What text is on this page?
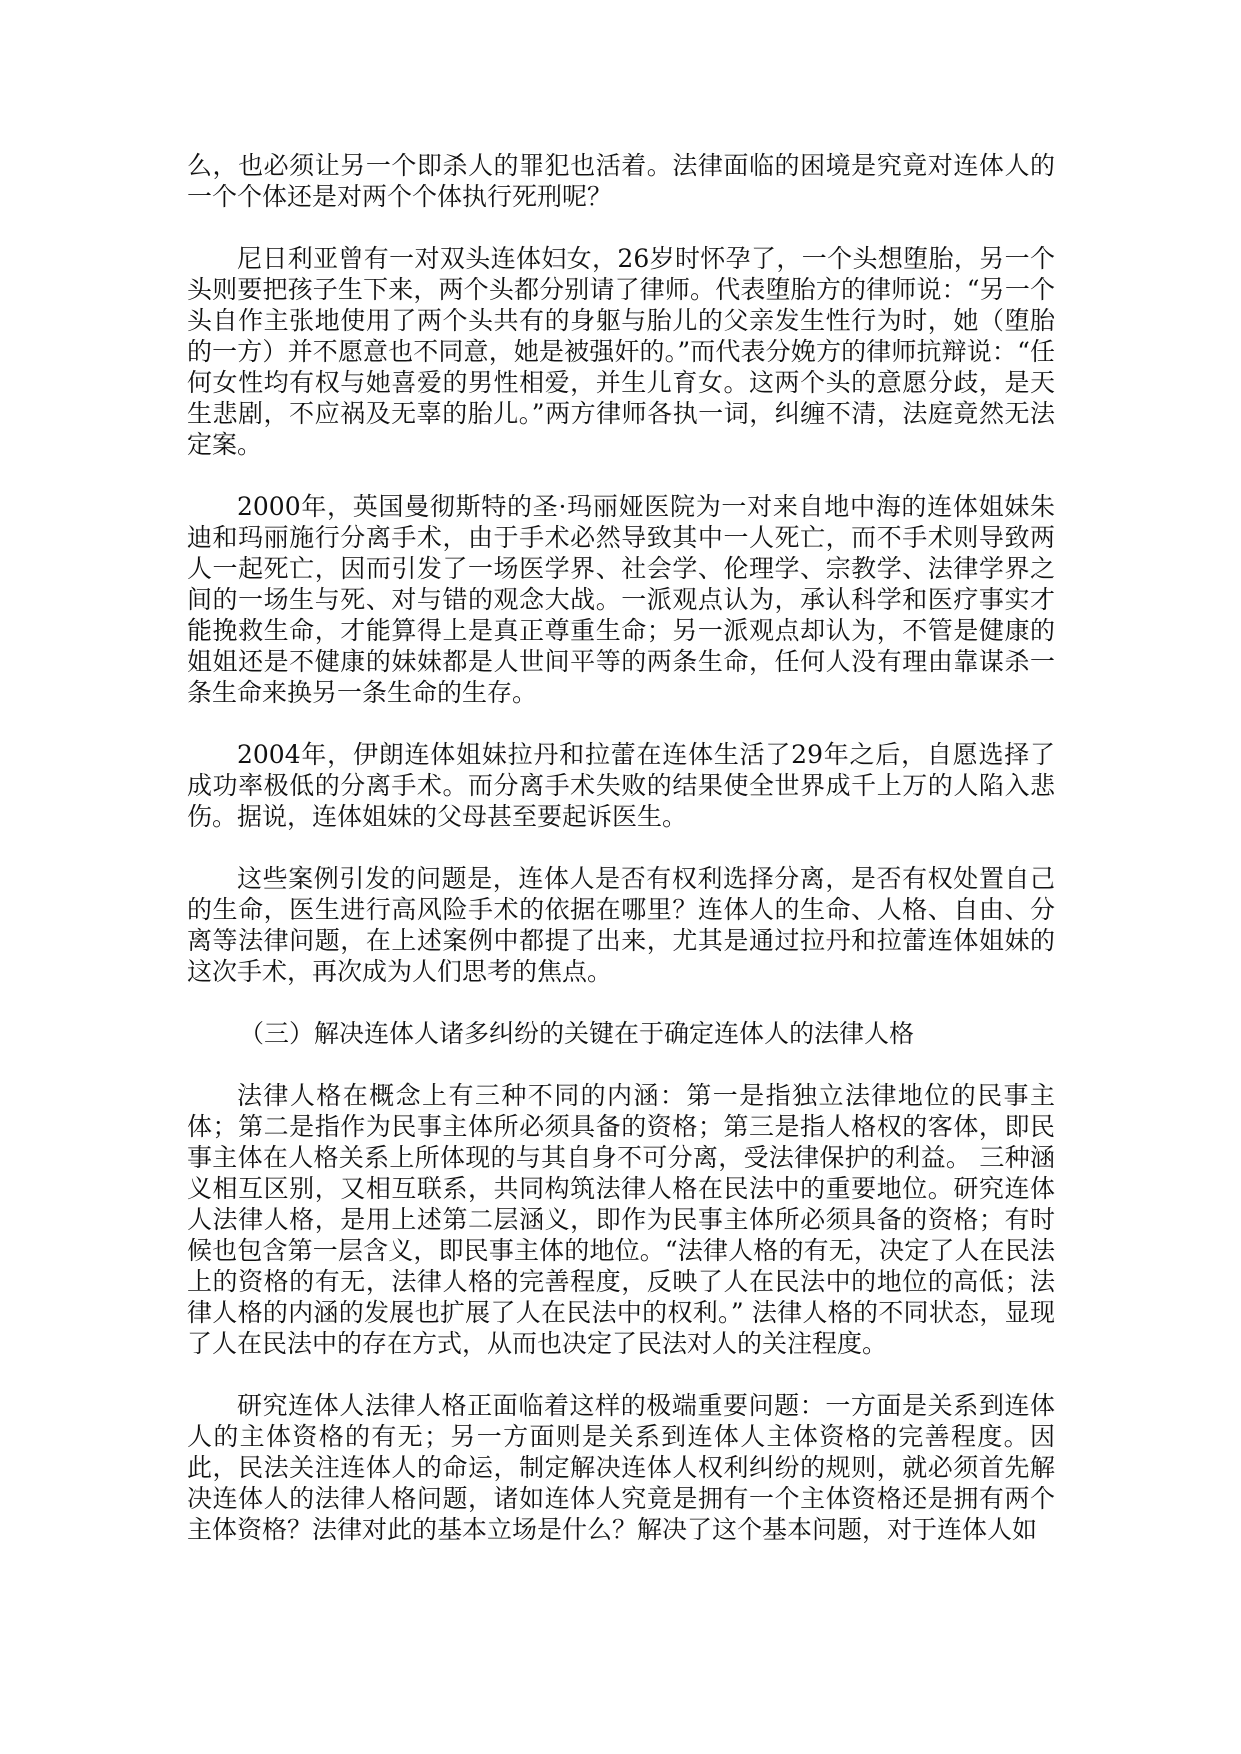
么，也必须让另一个即杀人的罪犯也活着。法律面临的困境是究竟对连体人的一个个体还是对两个个体执行死刑呢？

尼日利亚曾有一对双头连体妇女，26岁时怀孕了，一个头想堕胎，另一个头则要把孩子生下来，两个头都分别请了律师。代表堕胎方的律师说：“另一个头自作主张地使用了两个头共有的身躯与胎儿的父亲发生性行为时，她（堕胎的一方）并不愿意也不同意，她是被强奸的。”而代表分娩方的律师抗辩说：“任何女性均有权与她喜爱的男性相爱，并生儿育女。这两个头的意愿分歧，是天生悲剧，不应祸及无辜的胎儿。”两方律师各执一词，纠缠不清，法庭竟然无法定案。

2000年，英国曼彻斯特的圣·玛丽娅医院为一对来自地中海的连体姐妹朱迪和玛丽施行分离手术，由于手术必然导致其中一人死亡，而不手术则导致两人一起死亡，因而引发了一场医学界、社会学、伦理学、宗教学、法律学界之间的一场生与死、对与错的观念大战。一派观点认为，承认科学和医疗事实才能挽救生命，才能算得上是真正尊重生命；另一派观点却认为，不管是健康的姐姐还是不健康的妹妹都是人世间平等的两条生命，任何人没有理由靠谋杀一条生命来换另一条生命的生存。

2004年，伊朗连体姐妹拉丹和拉蕾在连体生活了29年之后，自愿选择了成功率极低的分离手术。而分离手术失败的结果使全世界成千上万的人陷入悲伤。据说，连体姐妹的父母甚至要起诉医生。

这些案例引发的问题是，连体人是否有权利选择分离，是否有权处置自己的生命，医生进行高风险手术的依据在哪里？连体人的生命、人格、自由、分离等法律问题，在上述案例中都提了出来，尤其是通过拉丹和拉蕾连体姐妹的这次手术，再次成为人们思考的焦点。

（三）解决连体人诸多纠纷的关键在于确定连体人的法律人格

法律人格在概念上有三种不同的内涵：第一是指独立法律地位的民事主体；第二是指作为民事主体所必须具备的资格；第三是指人格权的客体，即民事主体在人格关系上所体现的与其自身不可分离，受法律保护的利益。 三种涵义相互区别，又相互联系，共同构筑法律人格在民法中的重要地位。研究连体人法律人格，是用上述第二层涵义，即作为民事主体所必须具备的资格；有时候也包含第一层含义，即民事主体的地位。“法律人格的有无，决定了人在民法上的资格的有无，法律人格的完善程度，反映了人在民法中的地位的高低；法律人格的内涵的发展也扩展了人在民法中的权利。” 法律人格的不同状态，显现了人在民法中的存在方式，从而也决定了民法对人的关注程度。

研究连体人法律人格正面临着这样的极端重要问题：一方面是关系到连体人的主体资格的有无；另一方面则是关系到连体人主体资格的完善程度。因此，民法关注连体人的命运，制定解决连体人权利纠纷的规则，就必须首先解决连体人的法律人格问题，诸如连体人究竟是拥有一个主体资格还是拥有两个主体资格？法律对此的基本立场是什么？解决了这个基本问题，对于连体人如
